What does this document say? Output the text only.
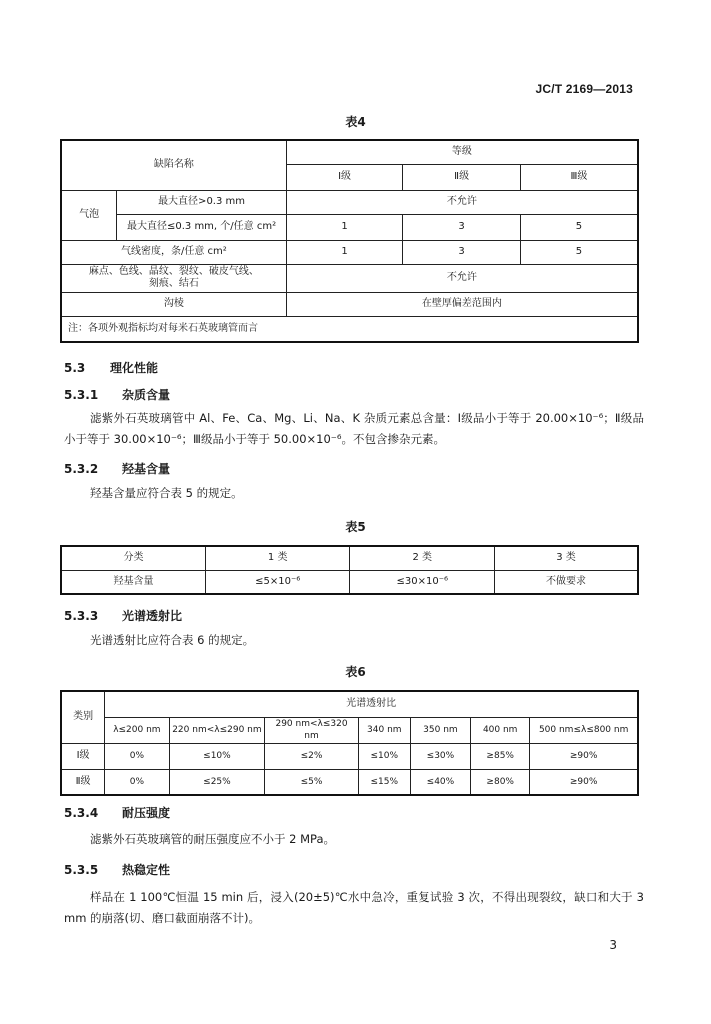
JC/T 2169—2013
表4
缺陷名称		等级		
		Ⅰ级	Ⅱ级	Ⅲ级
气泡	最大直径>0.3 mm	不允许		
	最大直径≤0.3 mm, 个/任意 cm²	1	3	5
气线密度，条/任意 cm²		1	3	5

麻点、色线、晶纹、裂纹、破皮气线、
刻痕、结石		不允许		
沟棱		在壁厚偏差范围内		
注：各项外观指标均对每米石英玻璃管而言				
5.3 理化性能
5.3.1 杂质含量
滤紫外石英玻璃管中 Al、Fe、Ca、Mg、Li、Na、K 杂质元素总含量：Ⅰ级品小于等于 20.00×10⁻⁶；Ⅱ级品小于等于 30.00×10⁻⁶；Ⅲ级品小于等于 50.00×10⁻⁶。不包含掺杂元素。
5.3.2 羟基含量
羟基含量应符合表 5 的规定。
表5
分类	1 类	2 类	3 类
羟基含量	≤5×10⁻⁶	≤30×10⁻⁶	不做要求
5.3.3 光谱透射比
光谱透射比应符合表 6 的规定。
表6
类别	光谱透射比						
	λ≤200 nm	220 nm<λ≤290 nm	290 nm<λ≤320 nm	340 nm	350 nm	400 nm	500 nm≤λ≤800 nm
Ⅰ级	0%	≤10%	≤2%	≤10%	≤30%	≥85%	≥90%
Ⅱ级	0%	≤25%	≤5%	≤15%	≤40%	≥80%	≥90%
5.3.4 耐压强度
滤紫外石英玻璃管的耐压强度应不小于 2 MPa。
5.3.5 热稳定性
样品在 1 100℃恒温 15 min 后，浸入(20±5)℃水中急冷，重复试验 3 次，不得出现裂纹，缺口和大于 3 mm 的崩落(切、磨口截面崩落不计)。
3
